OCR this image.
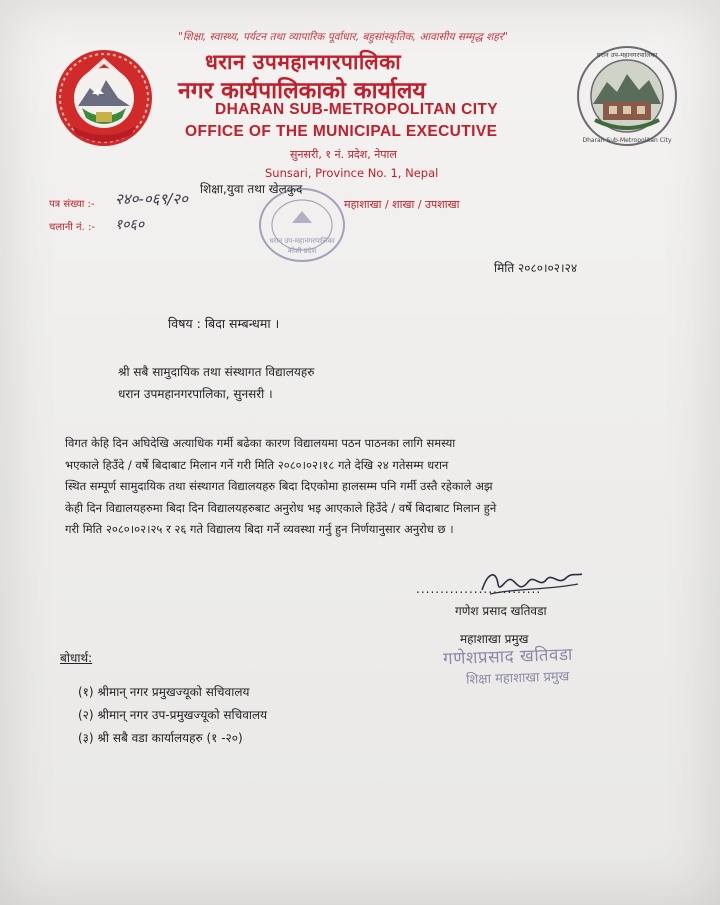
धरान उप-महानगरपालिका
Dharan Sub-Metropolitan City
"शिक्षा, स्वास्थ्य, पर्यटन तथा व्यापारिक पूर्वाधार, बहुसांस्कृतिक, आवासीय सम्मृद्ध शहर"
धरान उपमहानगरपालिका
नगर कार्यपालिकाको कार्यालय
DHARAN SUB-METROPOLITAN CITY
OFFICE OF THE MUNICIPAL EXECUTIVE
सुनसरी, १ नं. प्रदेश, नेपाल
Sunsari, Province No. 1, Nepal
धरान उप-महानगरपालिका
कोशी प्रदेश
शिक्षा,युवा तथा खेलकुद
महाशाखा / शाखा / उपशाखा
पत्र संख्या :- २४०-०६९/२०
चलानी नं. :- १०६०
मिति २०८०।०२।२४
विषय : बिदा सम्बन्धमा ।
श्री सबै सामुदायिक तथा संस्थागत विद्यालयहरु
धरान उपमहानगरपालिका, सुनसरी ।
विगत केहि दिन अघिदेखि अत्याधिक गर्मी बढेका कारण विद्यालयमा पठन पाठनका लागि समस्या
भएकाले हिउँदे / वर्षे बिदाबाट मिलान गर्ने गरी मिति २०८०।०२।१८ गते देखि २४ गतेसम्म धरान
स्थित सम्पूर्ण सामुदायिक तथा संस्थागत विद्यालयहरु बिदा दिएकोमा हालसम्म पनि गर्मी उस्तै रहेकाले अझ
केही दिन विद्यालयहरुमा बिदा दिन विद्यालयहरुबाट अनुरोध भइ आएकाले हिउँदे / वर्षे बिदाबाट मिलान हुने
गरी मिति २०८०।०२।२५ र २६ गते विद्यालय बिदा गर्ने व्यवस्था गर्नु हुन निर्णयानुसार अनुरोध छ ।
..........................
गणेश प्रसाद खतिवडा
महाशाखा प्रमुख
गणेशप्रसाद खतिवडा
शिक्षा महाशाखा प्रमुख
बोधार्थ:
(१) श्रीमान् नगर प्रमुखज्यूको सचिवालय
(२) श्रीमान् नगर उप-प्रमुखज्यूको सचिवालय
(३) श्री सबै वडा कार्यालयहरु (१ -२०)
